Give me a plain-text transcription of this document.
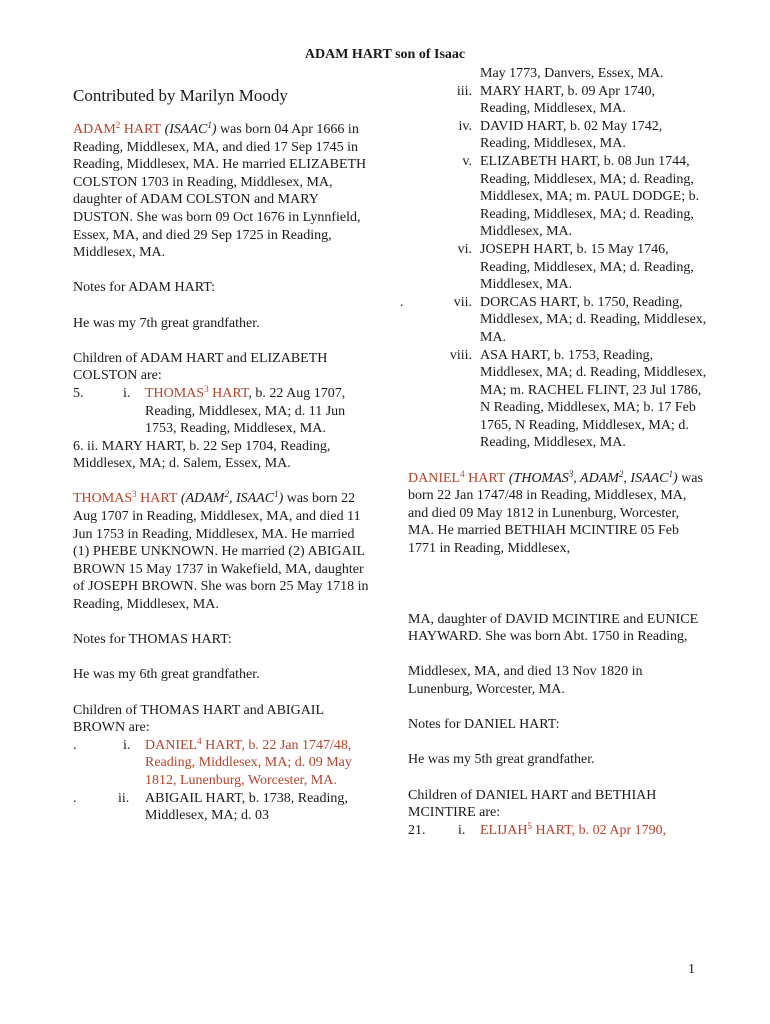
ADAM HART son of Isaac

Contributed by Marilyn Moody

ADAM$^2$ HART (ISAAC$^1$) was born 04 Apr 1666 in Reading, Middlesex, MA, and died 17 Sep 1745 in Reading, Middlesex, MA. He married ELIZABETH COLSTON 1703 in Reading, Middlesex, MA, daughter of ADAM COLSTON and MARY DUSTON. She was born 09 Oct 1676 in Lynnfield, Essex, MA, and died 29 Sep 1725 in Reading, Middlesex, MA.

Notes for ADAM HART:

He was my 7th great grandfather.

Children of ADAM HART and ELIZABETH COLSTON are:

5.	i. THOMAS$^3$ HART, b. 22 Aug 1707, Reading, Middlesex, MA; d. 11 Jun 1753, Reading, Middlesex, MA.

6. ii. MARY HART, b. 22 Sep 1704, Reading, Middlesex, MA; d. Salem, Essex, MA.

THOMAS$^3$ HART (ADAM$^2$, ISAAC$^1$) was born 22 Aug 1707 in Reading, Middlesex, MA, and died 11 Jun 1753 in Reading, Middlesex, MA. He married (1) PHEBE UNKNOWN. He married (2) ABIGAIL BROWN 15 May 1737 in Wakefield, MA, daughter of JOSEPH BROWN. She was born 25 May 1718 in Reading, Middlesex, MA.

Notes for THOMAS HART:

He was my 6th great grandfather.

Children of THOMAS HART and ABIGAIL BROWN are:

.	i. DANIEL$^4$ HART, b. 22 Jan 1747/48, Reading, Middlesex, MA; d. 09 May 1812, Lunenburg, Worcester, MA.
.	ii. ABIGAIL HART, b. 1738, Reading, Middlesex, MA; d. 03

May 1773, Danvers, Essex, MA.

iii. MARY HART, b. 09 Apr 1740, Reading, Middlesex, MA.
iv. DAVID HART, b. 02 May 1742, Reading, Middlesex, MA.
v. ELIZABETH HART, b. 08 Jun 1744, Reading, Middlesex, MA; d. Reading, Middlesex, MA; m. PAUL DODGE; b. Reading, Middlesex, MA; d. Reading, Middlesex, MA.
vi. JOSEPH HART, b. 15 May 1746, Reading, Middlesex, MA; d. Reading, Middlesex, MA.
.	vii. DORCAS HART, b. 1750, Reading, Middlesex, MA; d. Reading, Middlesex, MA.
viii. ASA HART, b. 1753, Reading, Middlesex, MA; d. Reading, Middlesex, MA; m. RACHEL FLINT, 23 Jul 1786, N Reading, Middlesex, MA; b. 17 Feb 1765, N Reading, Middlesex, MA; d. Reading, Middlesex, MA.

DANIEL$^4$ HART (THOMAS$^3$, ADAM$^2$, ISAAC$^1$) was born 22 Jan 1747/48 in Reading, Middlesex, MA, and died 09 May 1812 in Lunenburg, Worcester, MA. He married BETHIAH MCINTIRE 05 Feb 1771 in Reading, Middlesex,

MA, daughter of DAVID MCINTIRE and EUNICE HAYWARD. She was born Abt. 1750 in Reading,

Middlesex, MA, and died 13 Nov 1820 in Lunenburg, Worcester, MA.

Notes for DANIEL HART:

He was my 5th great grandfather.

Children of DANIEL HART and BETHIAH MCINTIRE are:

21. i. ELIJAH$^5$ HART, b. 02 Apr 1790,
1
